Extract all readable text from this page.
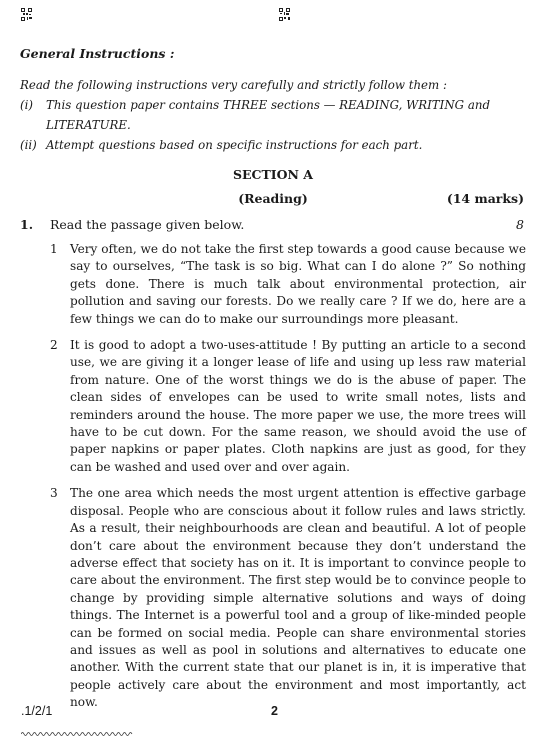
General Instructions :
Read the following instructions very carefully and strictly follow them :
(i)	This question paper contains THREE sections — READING, WRITING and LITERATURE.
(ii) Attempt questions based on specific instructions for each part.
SECTION A
(Reading)	(14 marks)
1. Read the passage given below.	8
1 Very often, we do not take the first step towards a good cause because we say to ourselves, “The task is so big. What can I do alone ?” So nothing gets done. There is much talk about environmental protection, air pollution and saving our forests. Do we really care ? If we do, here are a few things we can do to make our surroundings more pleasant.
2 It is good to adopt a two-uses-attitude ! By putting an article to a second use, we are giving it a longer lease of life and using up less raw material from nature. One of the worst things we do is the abuse of paper. The clean sides of envelopes can be used to write small notes, lists and reminders around the house. The more paper we use, the more trees will have to be cut down. For the same reason, we should avoid the use of paper napkins or paper plates. Cloth napkins are just as good, for they can be washed and used over and over again.
3 The one area which needs the most urgent attention is effective garbage disposal. People who are conscious about it follow rules and laws strictly. As a result, their neighbourhoods are clean and beautiful. A lot of people don’t care about the environment because they don’t understand the adverse effect that society has on it. It is important to convince people to care about the environment. The first step would be to convince people to change by providing simple alternative solutions and ways of doing things. The Internet is a powerful tool and a group of like-minded people can be formed on social media. People can share environmental stories and issues as well as pool in solutions and alternatives to educate one another. With the current state that our planet is in, it is imperative that people actively care about the environment and most importantly, act now.
.1/2/1	2
